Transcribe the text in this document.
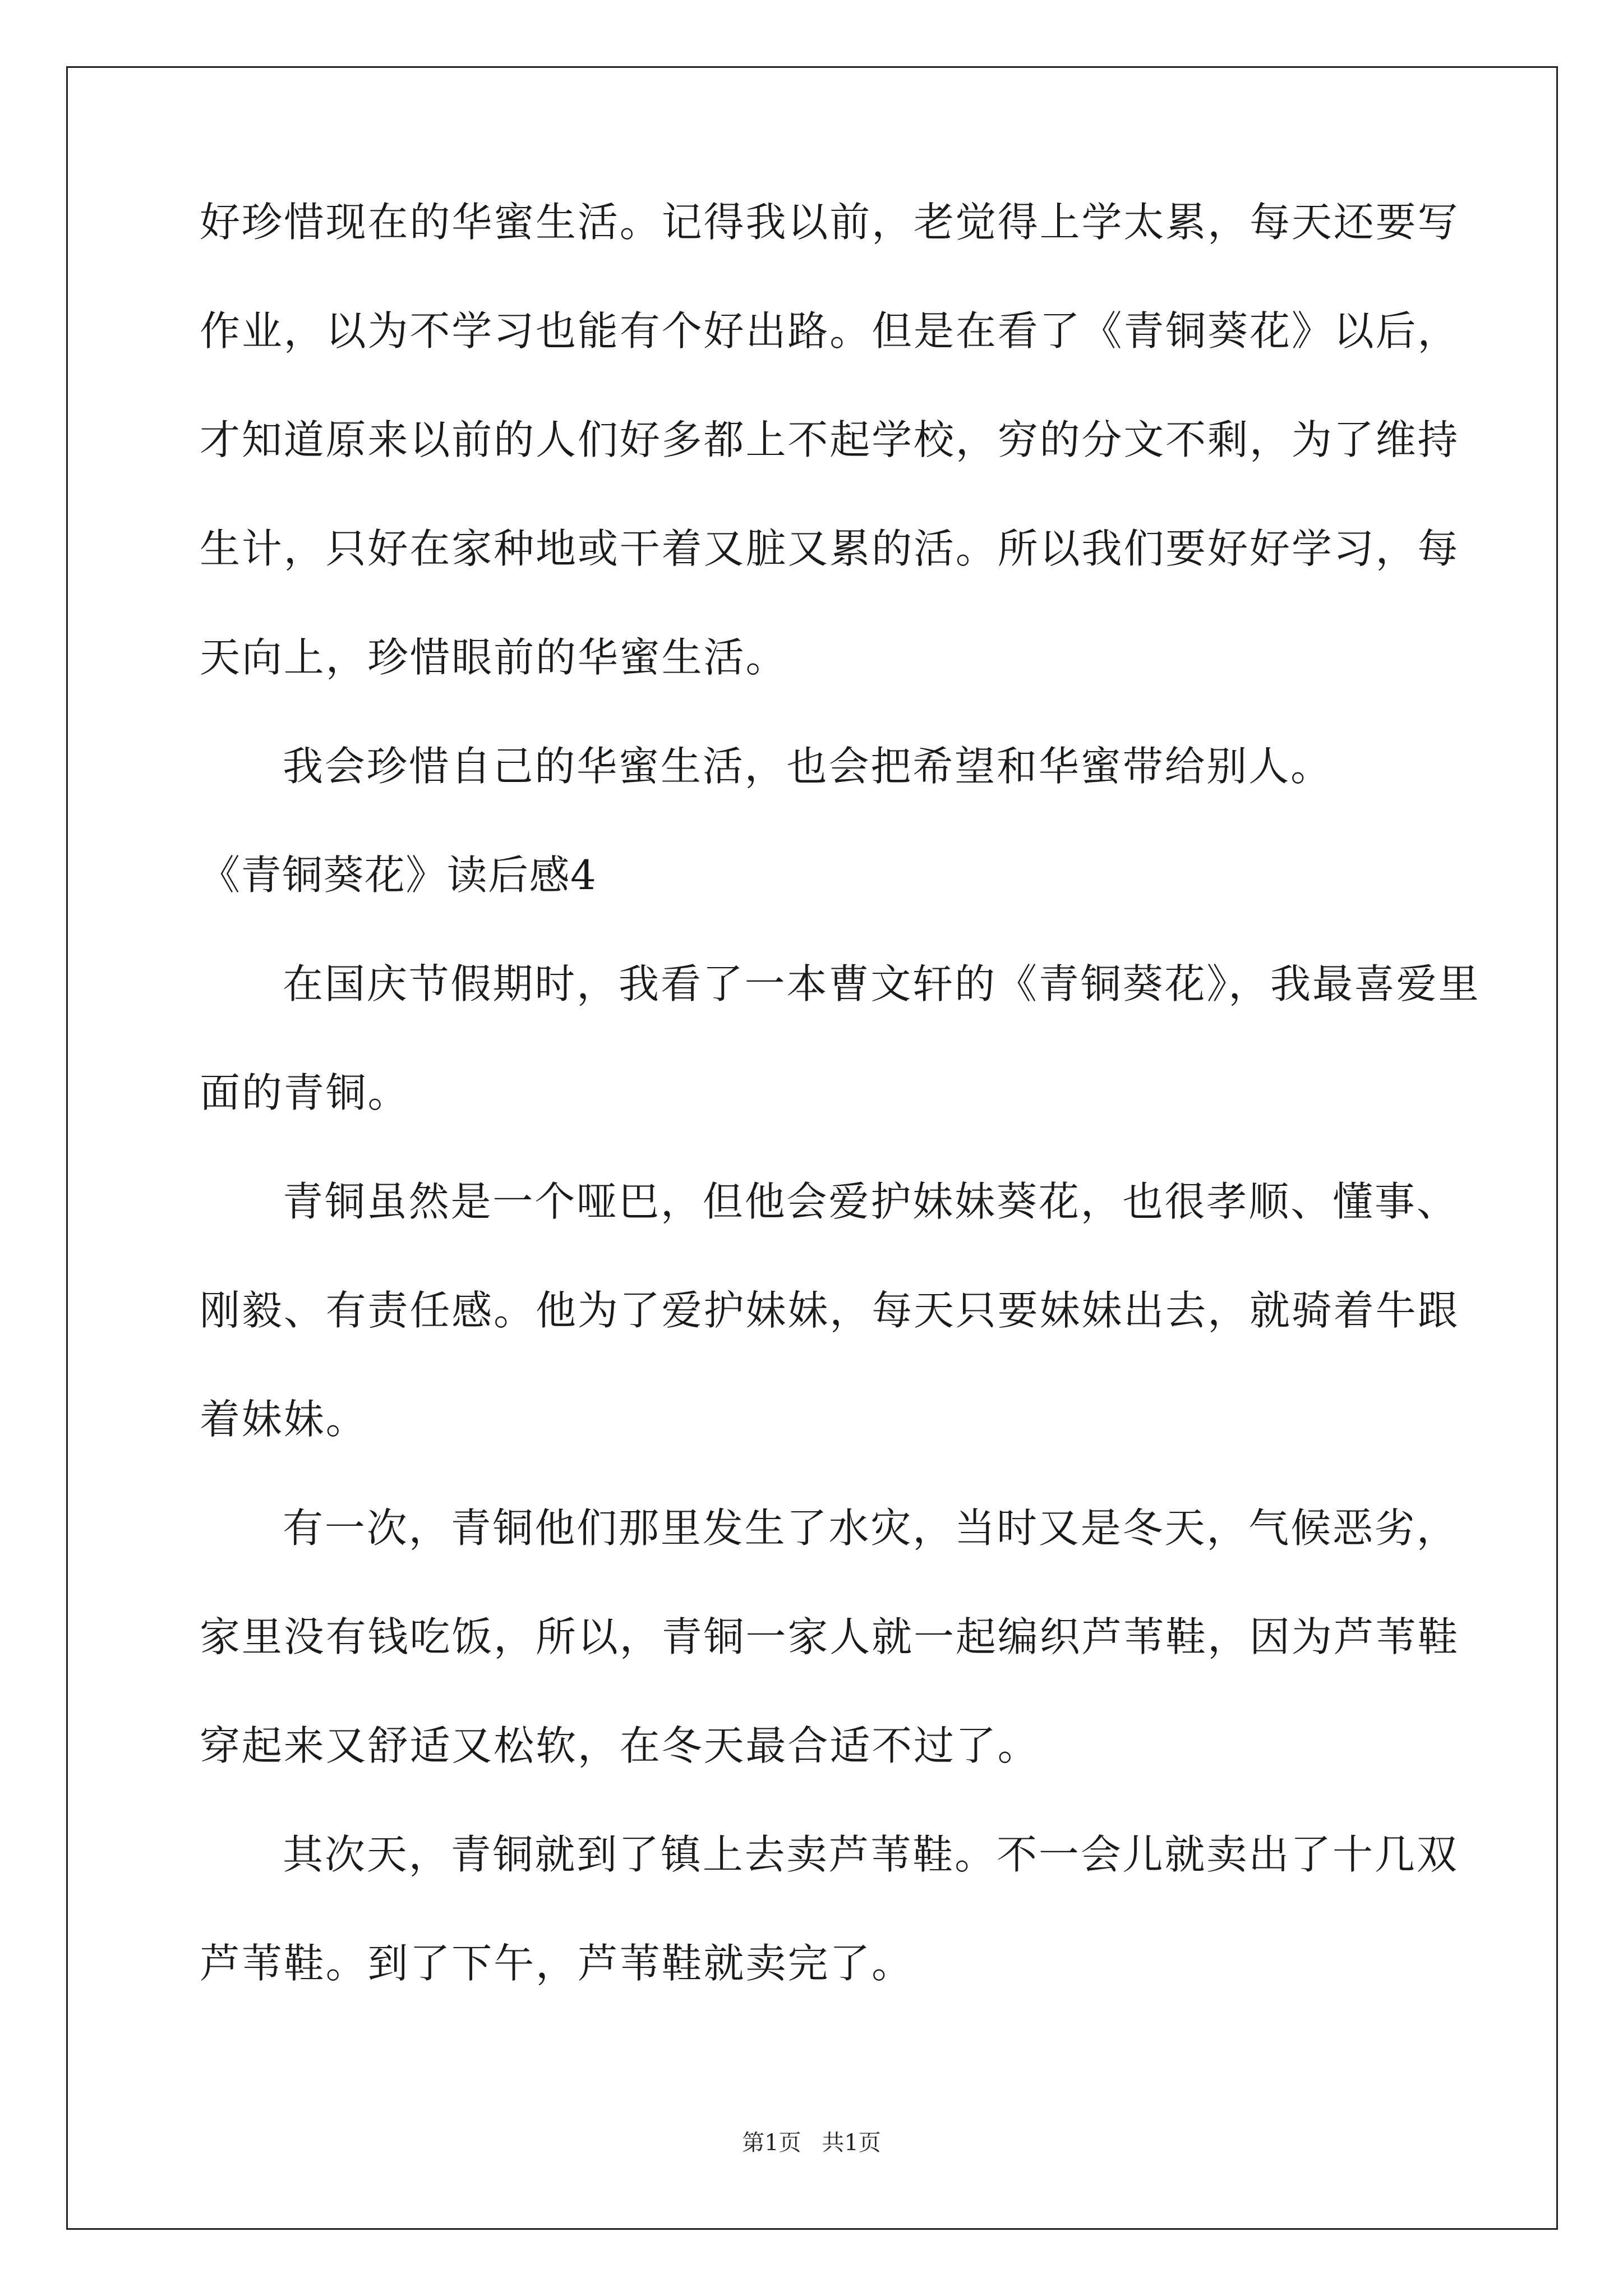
好珍惜现在的华蜜生活。记得我以前，老觉得上学太累，每天还要写
作业，以为不学习也能有个好出路。但是在看了《青铜葵花》以后，
才知道原来以前的人们好多都上不起学校，穷的分文不剩，为了维持
生计，只好在家种地或干着又脏又累的活。所以我们要好好学习，每
天向上，珍惜眼前的华蜜生活。
我会珍惜自己的华蜜生活，也会把希望和华蜜带给别人。
《青铜葵花》读后感4
在国庆节假期时，我看了一本曹文轩的《青铜葵花》，我最喜爱里
面的青铜。
青铜虽然是一个哑巴，但他会爱护妹妹葵花，也很孝顺、懂事、
刚毅、有责任感。他为了爱护妹妹，每天只要妹妹出去，就骑着牛跟
着妹妹。
有一次，青铜他们那里发生了水灾，当时又是冬天，气候恶劣，
家里没有钱吃饭，所以，青铜一家人就一起编织芦苇鞋，因为芦苇鞋
穿起来又舒适又松软，在冬天最合适不过了。
其次天，青铜就到了镇上去卖芦苇鞋。不一会儿就卖出了十几双
芦苇鞋。到了下午，芦苇鞋就卖完了。
第1页 共1页
